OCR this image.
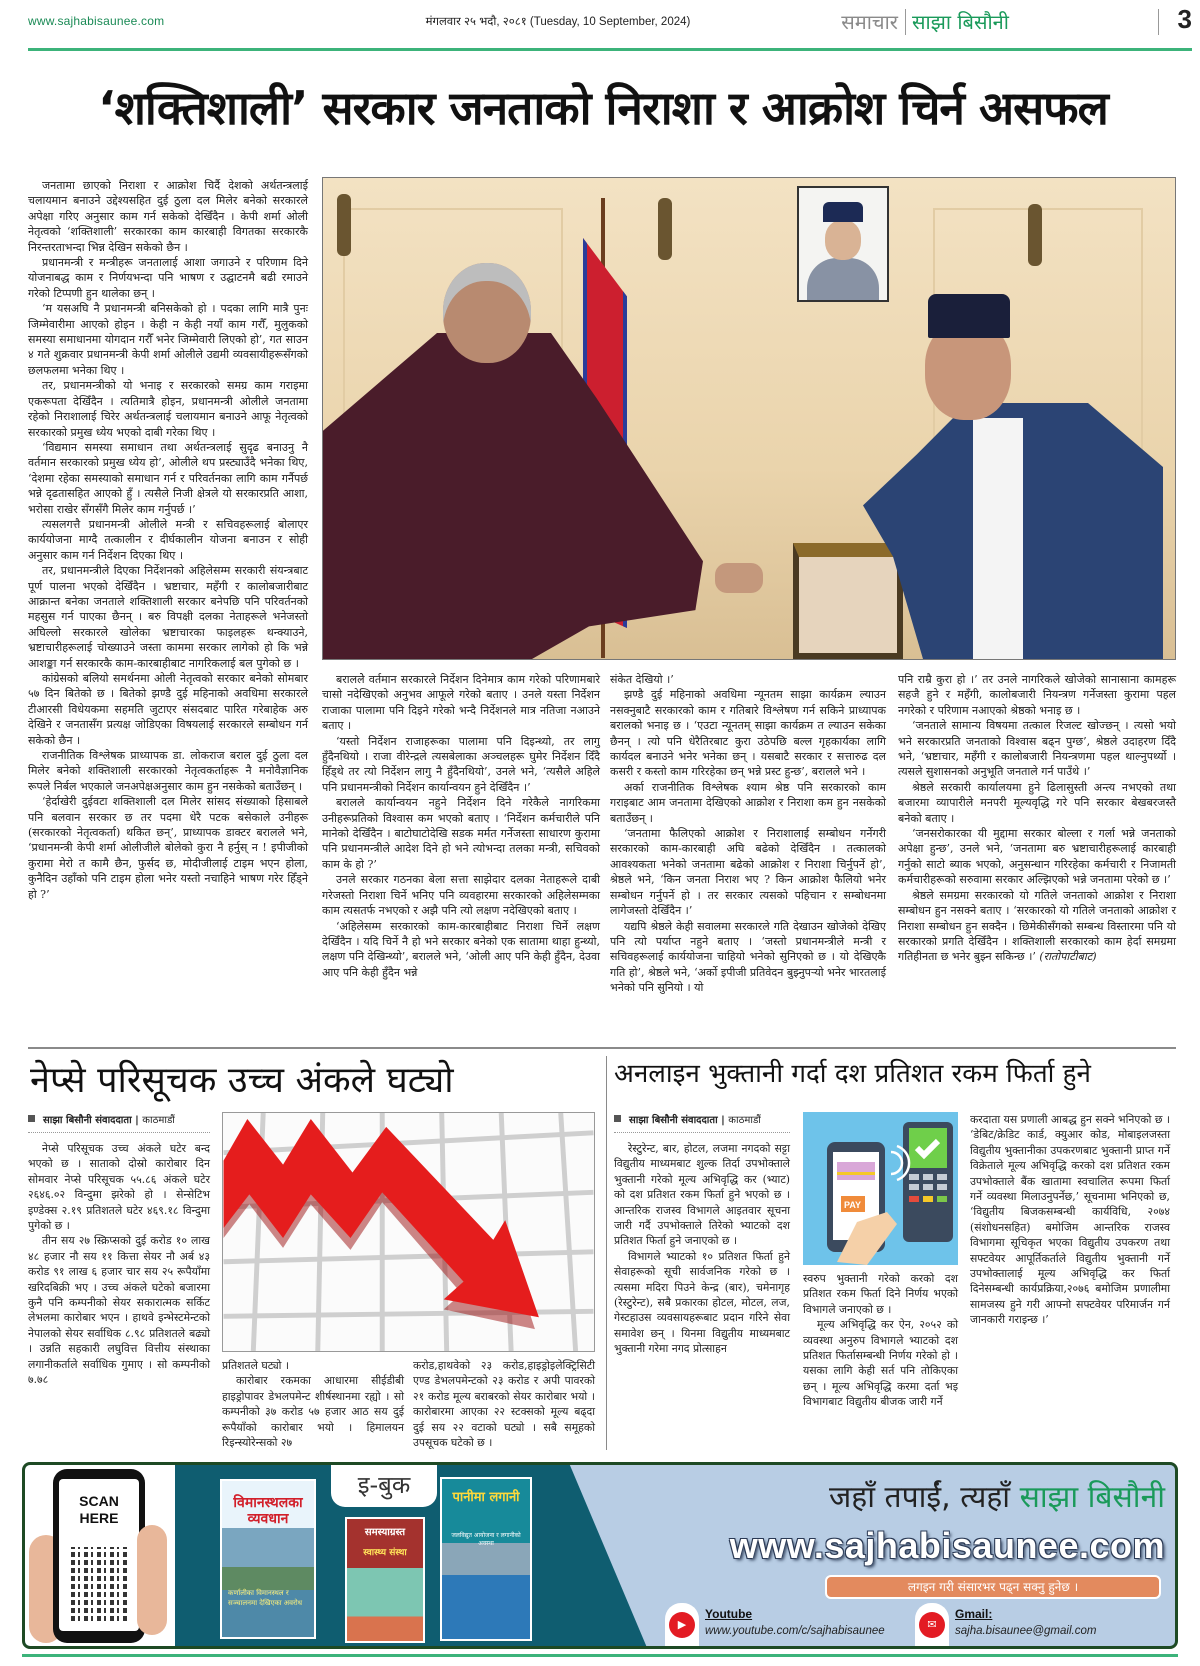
www.sajhabisaunee.com	मंगलवार २५ भदौ, २०८१ (Tuesday, 10 September, 2024)	समाचार साझा बिसौनी	3
‘शक्तिशाली’ सरकार जनताको निराशा र आक्रोश चिर्न असफल

जनतामा छाएको निराशा र आक्रोश चिर्दै देशको अर्थतन्त्रलाई चलायमान बनाउने उद्देश्यसहित दुई ठुला दल मिलेर बनेको सरकारले अपेक्षा गरिए अनुसार काम गर्न सकेको देखिँदैन । केपी शर्मा ओली नेतृत्वको ‘शक्तिशाली’ सरकारका काम कारबाही विगतका सरकारकै निरन्तरताभन्दा भिन्न देखिन सकेको छैन ।

प्रधानमन्त्री र मन्त्रीहरू जनतालाई आशा जगाउने र परिणाम दिने योजनाबद्ध काम र निर्णयभन्दा पनि भाषण र उद्घाटनमै बढी रमाउने गरेको टिप्पणी हुन थालेका छन् ।

‘म यसअघि नै प्रधानमन्त्री बनिसकेको हो । पदका लागि मात्रै पुनः जिम्मेवारीमा आएको होइन । केही न केही नयाँ काम गरौँ, मुलुकको समस्या समाधानमा योगदान गरौँ भनेर जिम्मेवारी लिएको हो’, गत साउन ४ गते शुक्रवार प्रधानमन्त्री केपी शर्मा ओलीले उद्यमी व्यवसायीहरूसँगको छलफलमा भनेका थिए ।

तर, प्रधानमन्त्रीको यो भनाइ र सरकारको समग्र काम गराइमा एकरूपता देखिँदैन । त्यतिमात्रै होइन, प्रधानमन्त्री ओलीले जनतामा रहेको निराशालाई चिरेर अर्थतन्त्रलाई चलायमान बनाउने आफू नेतृत्वको सरकारको प्रमुख ध्येय भएको दाबी गरेका थिए ।

‘विद्यमान समस्या समाधान तथा अर्थतन्त्रलाई सुदृढ बनाउनु नै वर्तमान सरकारको प्रमुख ध्येय हो’, ओलीले थप प्रस्ट्याउँदै भनेका थिए, ‘देशमा रहेका समस्याको समाधान गर्न र परिवर्तनका लागि काम गर्नैपर्छ भन्ने दृढतासहित आएको हुँ । त्यसैले निजी क्षेत्रले यो सरकारप्रति आशा, भरोसा राखेर सँगसँगै मिलेर काम गर्नुपर्छ ।’

त्यसलगत्तै प्रधानमन्त्री ओलीले मन्त्री र सचिवहरूलाई बोलाएर कार्ययोजना माग्दै तत्कालीन र दीर्घकालीन योजना बनाउन र सोही अनुसार काम गर्न निर्देशन दिएका थिए ।

तर, प्रधानमन्त्रीले दिएका निर्देशनको अहिलेसम्म सरकारी संयन्त्रबाट पूर्ण पालना भएको देखिँदैन । भ्रष्टाचार, महँगी र कालोबजारीबाट आक्रान्त बनेका जनताले शक्तिशाली सरकार बनेपछि पनि परिवर्तनको महसुस गर्न पाएका छैनन् । बरु विपक्षी दलका नेताहरूले भनेजस्तो अघिल्लो सरकारले खोलेका भ्रष्टाचारका फाइलहरू थन्क्याउने, भ्रष्टाचारीहरूलाई चोख्याउने जस्ता काममा सरकार लागेको हो कि भन्ने आशङ्का गर्न सरकारकै काम-कारबाहीबाट नागरिकलाई बल पुगेको छ ।

कांग्रेसको बलियो समर्थनमा ओली नेतृत्वको सरकार बनेको सोमबार ५७ दिन बितेको छ । बितेको झण्डै दुई महिनाको अवधिमा सरकारले टीआरसी विधेयकमा सहमति जुटाएर संसदबाट पारित गरेबाहेक अरु देखिने र जनतासँग प्रत्यक्ष जोडिएका विषयलाई सरकारले सम्बोधन गर्न सकेको छैन ।

राजनीतिक विश्लेषक प्राध्यापक डा. लोकराज बराल दुई ठुला दल मिलेर बनेको शक्तिशाली सरकारको नेतृत्वकर्ताहरू नै मनोवैज्ञानिक रूपले निर्बल भएकाले जनअपेक्षअनुसार काम हुन नसकेको बताउँछन् ।

‘हेर्दाखेरी दुईवटा शक्तिशाली दल मिलेर सांसद संख्याको हिसाबले पनि बलवान सरकार छ तर पदमा धेरै पटक बसेकाले उनीहरू (सरकारको नेतृत्वकर्ता) थकित छन्’, प्राध्यापक डाक्टर बरालले भने, ‘प्रधानमन्त्री केपी शर्मा ओलीजीले बोलेको कुरा नै हर्नुस् न ! इपीजीको कुरामा मेरो त कामै छैन, फुर्सद छ, मोदीजीलाई टाइम भएन होला, कुनैदिन उहाँको पनि टाइम होला भनेर यस्तो नचाहिने भाषण गरेर हिँड्ने हो ?’

बराललेे वर्तमान सरकारले निर्देशन दिनेमात्र काम गरेको परिणामबारे चासो नदेखिएको अनुभव आफूले गरेको बताए । उनले यस्ता निर्देशन राजाका पालामा पनि दिइने गरेको भन्दै निर्देशनले मात्र नतिजा नआउने बताए ।

‘यस्तो निर्देशन राजाहरूका पालामा पनि दिइन्थ्यो, तर लागु हुँदैनथियो । राजा वीरेन्द्रले त्यसबेलाका अञ्चलहरू घुमेर निर्देशन दिँदै हिँड्थे तर त्यो निर्देशन लागु नै हुँदैनथियो’, उनले भने, ‘त्यसैले अहिले पनि प्रधानमन्त्रीको निर्देशन कार्यान्वयन हुने देखिँदैन ।’

बरालले कार्यान्वयन नहुने निर्देशन दिने गरेकैले नागरिकमा उनीहरूप्रतिको विश्वास कम भएको बताए । ‘निर्देशन कर्मचारीले पनि मानेको देखिँदैन । बाटोघाटोदेखि सडक मर्मत गर्नेजस्ता साधारण कुरामा पनि प्रधानमन्त्रीले आदेश दिने हो भने त्योभन्दा तलका मन्त्री, सचिवको काम के हो ?’

उनले सरकार गठनका बेला सत्ता साझेदार दलका नेताहरूले दाबी गरेजस्तो निराशा चिर्ने भनिए पनि व्यवहारमा सरकारको अहिलेसम्मका काम त्यसतर्फ नभएको र अझै पनि त्यो लक्षण नदेखिएको बताए ।

‘अहिलेसम्म सरकारको काम-कारबाहीबाट निराशा चिर्ने लक्षण देखिँदैन । यदि चिर्ने नै हो भने सरकार बनेको एक सातामा थाहा हुन्थ्यो, लक्षण पनि देखिन्थ्यो’, बरालले भने, ‘ओली आए पनि केही हुँदैन, देउवा आए पनि केही हुँदैन भन्ने

संकेत देखियो ।’

झण्डै दुई महिनाको अवधिमा न्यूनतम साझा कार्यक्रम ल्याउन नसक्नुबाटै सरकारको काम र गतिबारे विश्लेषण गर्न सकिने प्राध्यापक बरालको भनाइ छ । ‘एउटा न्यूनतम् साझा कार्यक्रम त ल्याउन सकेका छैनन् । त्यो पनि धेरैतिरबाट कुरा उठेपछि बल्ल गृहकार्यका लागि कार्यदल बनाउने भनेर भनेका छन् । यसबाटै सरकार र सत्तारुढ दल कसरी र कस्तो काम गरिरहेका छन् भन्ने प्रस्ट हुन्छ’, बरालले भने ।

अर्का राजनीतिक विश्लेषक श्याम श्रेष्ठ पनि सरकारको काम गराइबाट आम जनतामा देखिएको आक्रोश र निराशा कम हुन नसकेको बताउँछन् ।

‘जनतामा फैलिएको आक्रोश र निराशालाई सम्बोधन गर्नेगरी सरकारको काम-कारबाही अघि बढेको देखिँदैन । तत्कालको आवश्यकता भनेको जनतामा बढेको आक्रोश र निराशा चिर्नुपर्ने हो’, श्रेष्ठले भने, ‘किन जनता निराश भए ? किन आक्रोश फैलियो भनेर सम्बोधन गर्नुपर्ने हो । तर सरकार त्यसको पहिचान र सम्बोधनमा लागेजस्तो देखिँदैन ।’

यद्यपि श्रेष्ठले केही सवालमा सरकारले गति देखाउन खोजेको देखिए पनि त्यो पर्याप्त नहुने बताए । ‘जस्तो प्रधानमन्त्रीले मन्त्री र सचिवहरूलाई कार्ययोजना चाहियो भनेको सुनिएको छ । यो देखिएकै गति हो’, श्रेष्ठले भने, ‘अर्को इपीजी प्रतिवेदन बुझ्नुपऱ्यो भनेर भारतलाई भनेको पनि सुनियो । यो

पनि राम्रै कुरा हो ।’ तर उनले नागरिकले खोजेको सानासाना कामहरू सहजै हुने र महँगी, कालोबजारी नियन्त्रण गर्नेजस्ता कुरामा पहल नगरेको र परिणाम नआएको श्रेष्ठको भनाइ छ ।

‘जनताले सामान्य विषयमा तत्काल रिजल्ट खोज्छन् । त्यसो भयो भने सरकारप्रति जनताको विश्वास बढ्न पुग्छ’, श्रेष्ठले उदाहरण दिँदै भने, ‘भ्रष्टाचार, महँगी र कालोबजारी नियन्त्रणमा पहल थाल्नुपर्थ्यो । त्यसले सुशासनको अनुभूति जनताले गर्न पाउँथे ।’

श्रेष्ठले सरकारी कार्यालयमा हुने ढिलासुस्ती अन्त्य नभएको तथा बजारमा व्यापारीले मनपरी मूल्यवृद्धि गरे पनि सरकार बेखबरजस्तै बनेको बताए ।

‘जनसरोकारका यी मुद्दामा सरकार बोल्ला र गर्ला भन्ने जनताको अपेक्षा हुन्छ’, उनले भने, ‘जनतामा बरु भ्रष्टाचारीहरूलाई कारबाही गर्नुको साटो ब्याक भएको, अनुसन्धान गरिरहेका कर्मचारी र निजामती कर्मचारीहरूको सरुवामा सरकार अल्झिएको भन्ने जनतामा परेको छ ।’

श्रेष्ठले समग्रमा सरकारको यो गतिले जनताको आक्रोश र निराशा सम्बोधन हुन नसक्ने बताए । ‘सरकारको यो गतिले जनताको आक्रोश र निराशा सम्बोधन हुन सक्दैन । छिमेकीसँगको सम्बन्ध विस्तारमा पनि यो सरकारको प्रगति देखिँदैन । शक्तिशाली सरकारको काम हेर्दा समग्रमा गतिहीनता छ भनेर बुझ्न सकिन्छ ।’ (रातोपाटीबाट)

नेप्से परिसूचक उच्च अंकले घट्यो
साझा बिसौनी संवाददाता | काठमाडौं

नेप्से परिसूचक उच्च अंकले घटेर बन्द भएको छ । साताको दोस्रो कारोबार दिन सोमवार नेप्से परिसूचक ५५.८६ अंकले घटेर २६४६.०२ विन्दुमा झरेको हो । सेन्सेटिभ इण्डेक्स २.१९ प्रतिशतले घटेर ४६९.१८ विन्दुमा पुगेको छ ।

तीन सय २७ स्क्रिप्सको दुई करोड १० लाख ४८ हजार नौ सय ११ कित्ता सेयर नौ अर्ब ४३ करोड ९१ लाख ६ हजार चार सय २५ रूपैयाँमा खरिदबिक्री भए । उच्च अंकले घटेको बजारमा कुनै पनि कम्पनीको सेयर सकारात्मक सर्किट लेभलमा कारोबार भएन । हाथवे इन्भेस्टमेन्टको नेपालको सेयर सर्वाधिक ८.९८ प्रतिशतले बढ्यो । उन्नति सहकारी लघुवित्त वित्तीय संस्थाका लगानीकर्ताले सर्वाधिक गुमाए । सो कम्पनीको ७.७८

प्रतिशतले घट्यो ।

कारोबार रकमका आधारमा सीईडीबी हाइड्रोपावर डेभलपमेन्ट शीर्षस्थानमा रह्यो । सो कम्पनीको ३७ करोड ५७ हजार आठ सय दुई रूपैयाँको कारोबार भयो । हिमालयन रिइन्स्योरेन्सको २७

करोड,हाथवेको २३ करोड,हाइड्रोइलेक्ट्रिसिटी एण्ड डेभलपमेन्टको २३ करोड र अपी पावरको २१ करोड मूल्य बराबरको सेयर कारोबार भयो । कारोबारमा आएका २२ स्टक्सको मूल्य बढ्दा दुई सय २२ वटाको घट्यो । सबै समूहको उपसूचक घटेको छ ।

अनलाइन भुक्तानी गर्दा दश प्रतिशत रकम फिर्ता हुने
साझा बिसौनी संवाददाता | काठमाडौं

रेस्टुरेन्ट, बार, होटल, लजमा नगदको सट्टा विद्युतीय माध्यमबाट शुल्क तिर्दा उपभोक्ताले भुक्तानी गरेको मूल्य अभिवृद्धि कर (भ्याट) को दश प्रतिशत रकम फिर्ता हुने भएको छ । आन्तरिक राजस्व विभागले आइतवार सूचना जारी गर्दै उपभोक्ताले तिरेको भ्याटको दश प्रतिशत फिर्ता हुने जनाएको छ ।

विभागले भ्याटको १० प्रतिशत फिर्ता हुने सेवाहरूको सूची सार्वजनिक गरेको छ । त्यसमा मदिरा पिउने केन्द्र (बार), चमेनागृह (रेस्टुरेन्ट), सबै प्रकारका होटल, मोटल, लज, गेस्टहाउस व्यवसायहरूबाट प्रदान गरिने सेवा समावेश छन् । यिनमा विद्युतीय माध्यमबाट भुक्तानी गरेमा नगद प्रोत्साहन

PAY

स्वरुप भुक्तानी गरेको करको दश प्रतिशत रकम फिर्ता दिने निर्णय भएको विभागले जनाएको छ ।

मूल्य अभिवृद्धि कर ऐन, २०५२ को व्यवस्था अनुरुप विभागले भ्याटको दश प्रतिशत फिर्तासम्बन्धी निर्णय गरेको हो । यसका लागि केही सर्त पनि तोकिएका छन् । मूल्य अभिवृद्धि करमा दर्ता भइ विभागबाट विद्युतीय बीजक जारी गर्ने

करदाता यस प्रणाली आबद्ध हुन सक्ने भनिएको छ । ‘डेबिट/क्रेडिट कार्ड, क्युआर कोड, मोबाइलजस्ता विद्युतीय भुक्तानीका उपकरणबाट भुक्तानी प्राप्त गर्ने विक्रेताले मूल्य अभिवृद्धि करको दश प्रतिशत रकम उपभोक्ताले बैंक खातामा स्वचालित रूपमा फिर्ता गर्ने व्यवस्था मिलाउनुपर्नेछ,’ सूचनामा भनिएको छ, ‘विद्युतीय बिजकसम्बन्धी कार्यविधि, २०७४ (संशोधनसहित) बमोजिम आन्तरिक राजस्व विभागमा सूचिकृत भएका विद्युतीय उपकरण तथा सफ्टवेयर आपूर्तिकर्ताले विद्युतीय भुक्तानी गर्ने उपभोक्तालाई मूल्य अभिवृद्धि कर फिर्ता दिनेसम्बन्धी कार्यप्रक्रिया,२०७६ बमोजिम प्रणालीमा सामजस्य हुने गरी आफ्नो सफ्टवेयर परिमार्जन गर्न जानकारी गराइन्छ ।’

SCAN HERE
इ-बुक
विमानस्थलका व्यवधान
कर्णालीका विमानस्थल र सञ्चालनमा देखिएका अवरोध
समस्याग्रस्त
स्वास्थ्य संस्था
पानीमा लगानी
जलविद्युत आयोजना र लगानीको अवस्था
जहाँ तपाईं, त्यहाँ साझा बिसौनी
www.sajhabisaunee.com
लगइन गरी संसारभर पढ्न सक्नु हुनेछ ।
▶
Youtube
www.youtube.com/c/sajhabisaunee	✉
Gmail:
sajha.bisaunee@gmail.com
